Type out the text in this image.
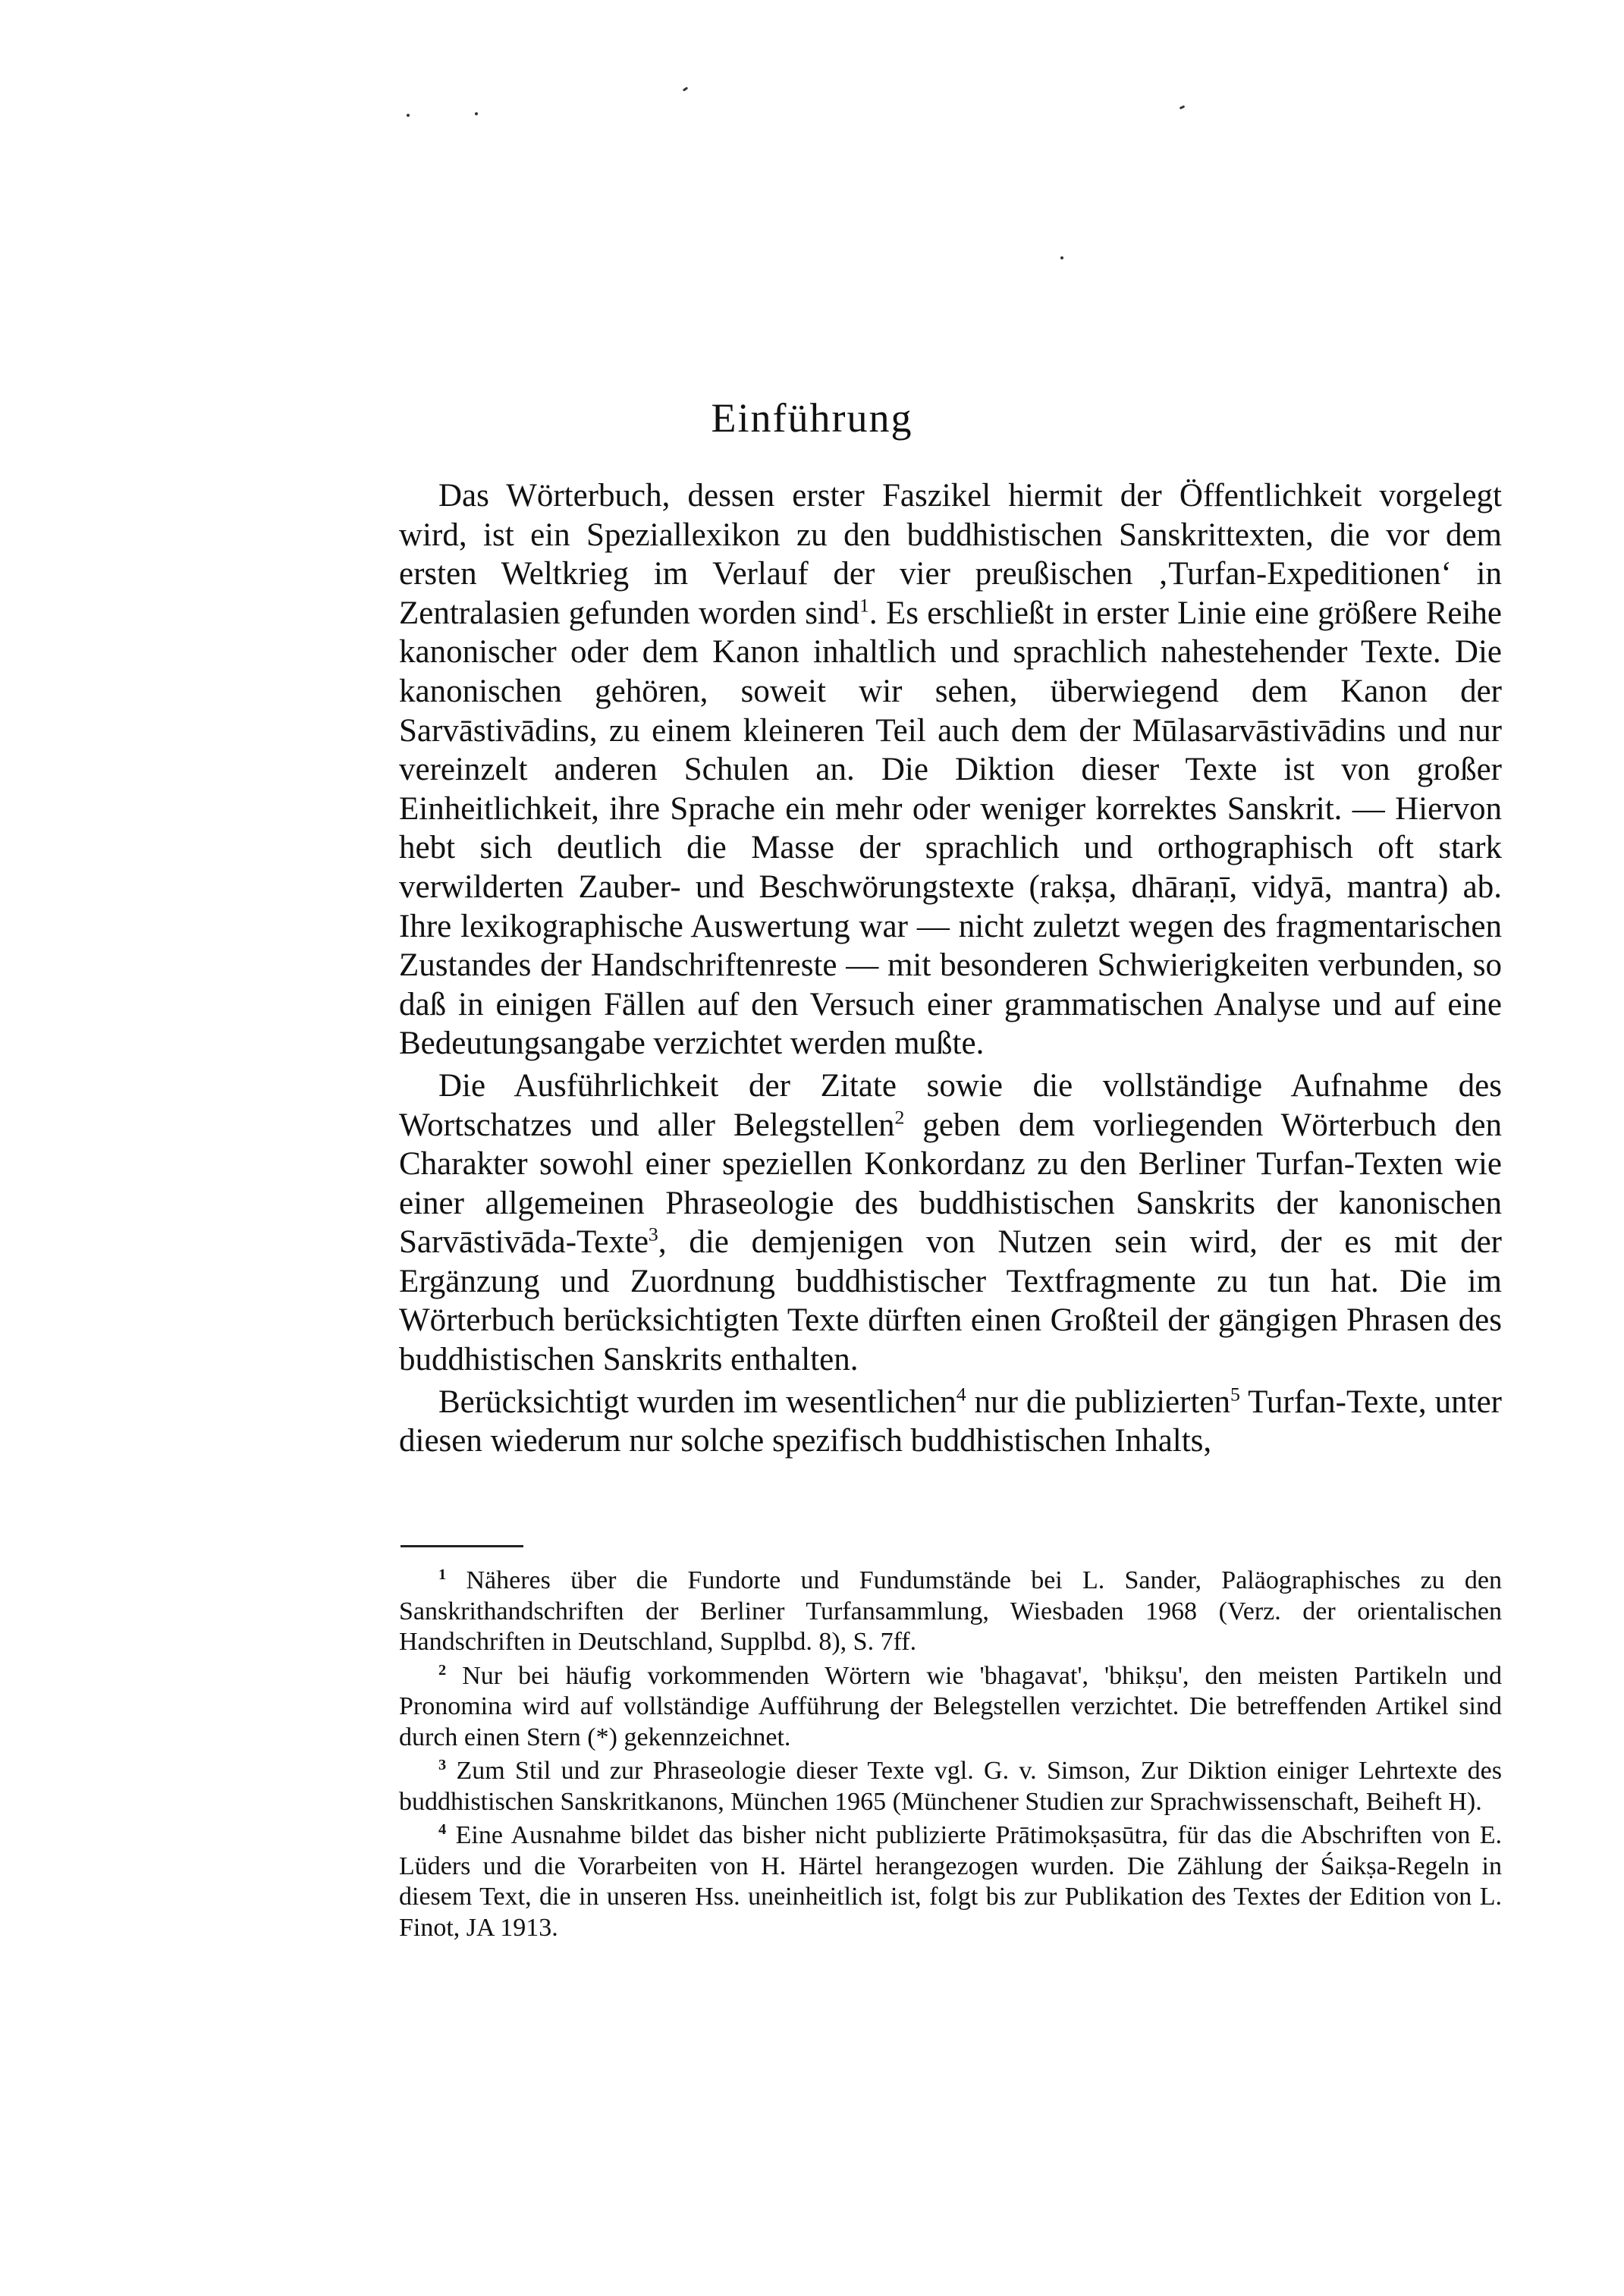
Einführung

Das Wörterbuch, dessen erster Faszikel hiermit der Öffentlichkeit vorgelegt wird, ist ein Speziallexikon zu den buddhistischen Sanskrittexten, die vor dem ersten Weltkrieg im Verlauf der vier preußischen ‚Turfan-Expeditionen‘ in Zentralasien gefunden worden sind$^1$. Es erschließt in erster Linie eine größere Reihe kanonischer oder dem Kanon inhaltlich und sprachlich nahestehender Texte. Die kanonischen gehören, soweit wir sehen, überwiegend dem Kanon der Sarvāstivādins, zu einem kleineren Teil auch dem der Mūlasarvāstivādins und nur vereinzelt anderen Schulen an. Die Diktion dieser Texte ist von großer Einheitlichkeit, ihre Sprache ein mehr oder weniger korrektes Sanskrit. — Hiervon hebt sich deutlich die Masse der sprachlich und orthographisch oft stark verwilderten Zauber- und Beschwörungstexte (rakṣa, dhāraṇī, vidyā, mantra) ab. Ihre lexikographische Auswertung war — nicht zuletzt wegen des fragmentarischen Zustandes der Handschriftenreste — mit besonderen Schwierigkeiten verbunden, so daß in einigen Fällen auf den Versuch einer grammatischen Analyse und auf eine Bedeutungsangabe verzichtet werden mußte.

Die Ausführlichkeit der Zitate sowie die vollständige Aufnahme des Wortschatzes und aller Belegstellen$^2$ geben dem vorliegenden Wörterbuch den Charakter sowohl einer speziellen Konkordanz zu den Berliner Turfan-Texten wie einer allgemeinen Phraseologie des buddhistischen Sanskrits der kanonischen Sarvāstivāda-Texte$^3$, die demjenigen von Nutzen sein wird, der es mit der Ergänzung und Zuordnung buddhistischer Textfragmente zu tun hat. Die im Wörterbuch berücksichtigten Texte dürften einen Großteil der gängigen Phrasen des buddhistischen Sanskrits enthalten.

Berücksichtigt wurden im wesentlichen$^4$ nur die publizierten$^5$ Turfan-Texte, unter diesen wiederum nur solche spezifisch buddhistischen Inhalts,

$^1$ Näheres über die Fundorte und Fundumstände bei L. Sander, Paläographisches zu den Sanskrithandschriften der Berliner Turfansammlung, Wiesbaden 1968 (Verz. der orientalischen Handschriften in Deutschland, Supplbd. 8), S. 7ff.
$^2$ Nur bei häufig vorkommenden Wörtern wie 'bhagavat', 'bhikṣu', den meisten Partikeln und Pronomina wird auf vollständige Aufführung der Belegstellen verzichtet. Die betreffenden Artikel sind durch einen Stern (*) gekennzeichnet.
$^3$ Zum Stil und zur Phraseologie dieser Texte vgl. G. v. Simson, Zur Diktion einiger Lehrtexte des buddhistischen Sanskritkanons, München 1965 (Münchener Studien zur Sprachwissenschaft, Beiheft H).
$^4$ Eine Ausnahme bildet das bisher nicht publizierte Prātimokṣasūtra, für das die Abschriften von E. Lüders und die Vorarbeiten von H. Härtel herangezogen wurden. Die Zählung der Śaikṣa-Regeln in diesem Text, die in unseren Hss. uneinheitlich ist, folgt bis zur Publikation des Textes der Edition von L. Finot, JA 1913.
